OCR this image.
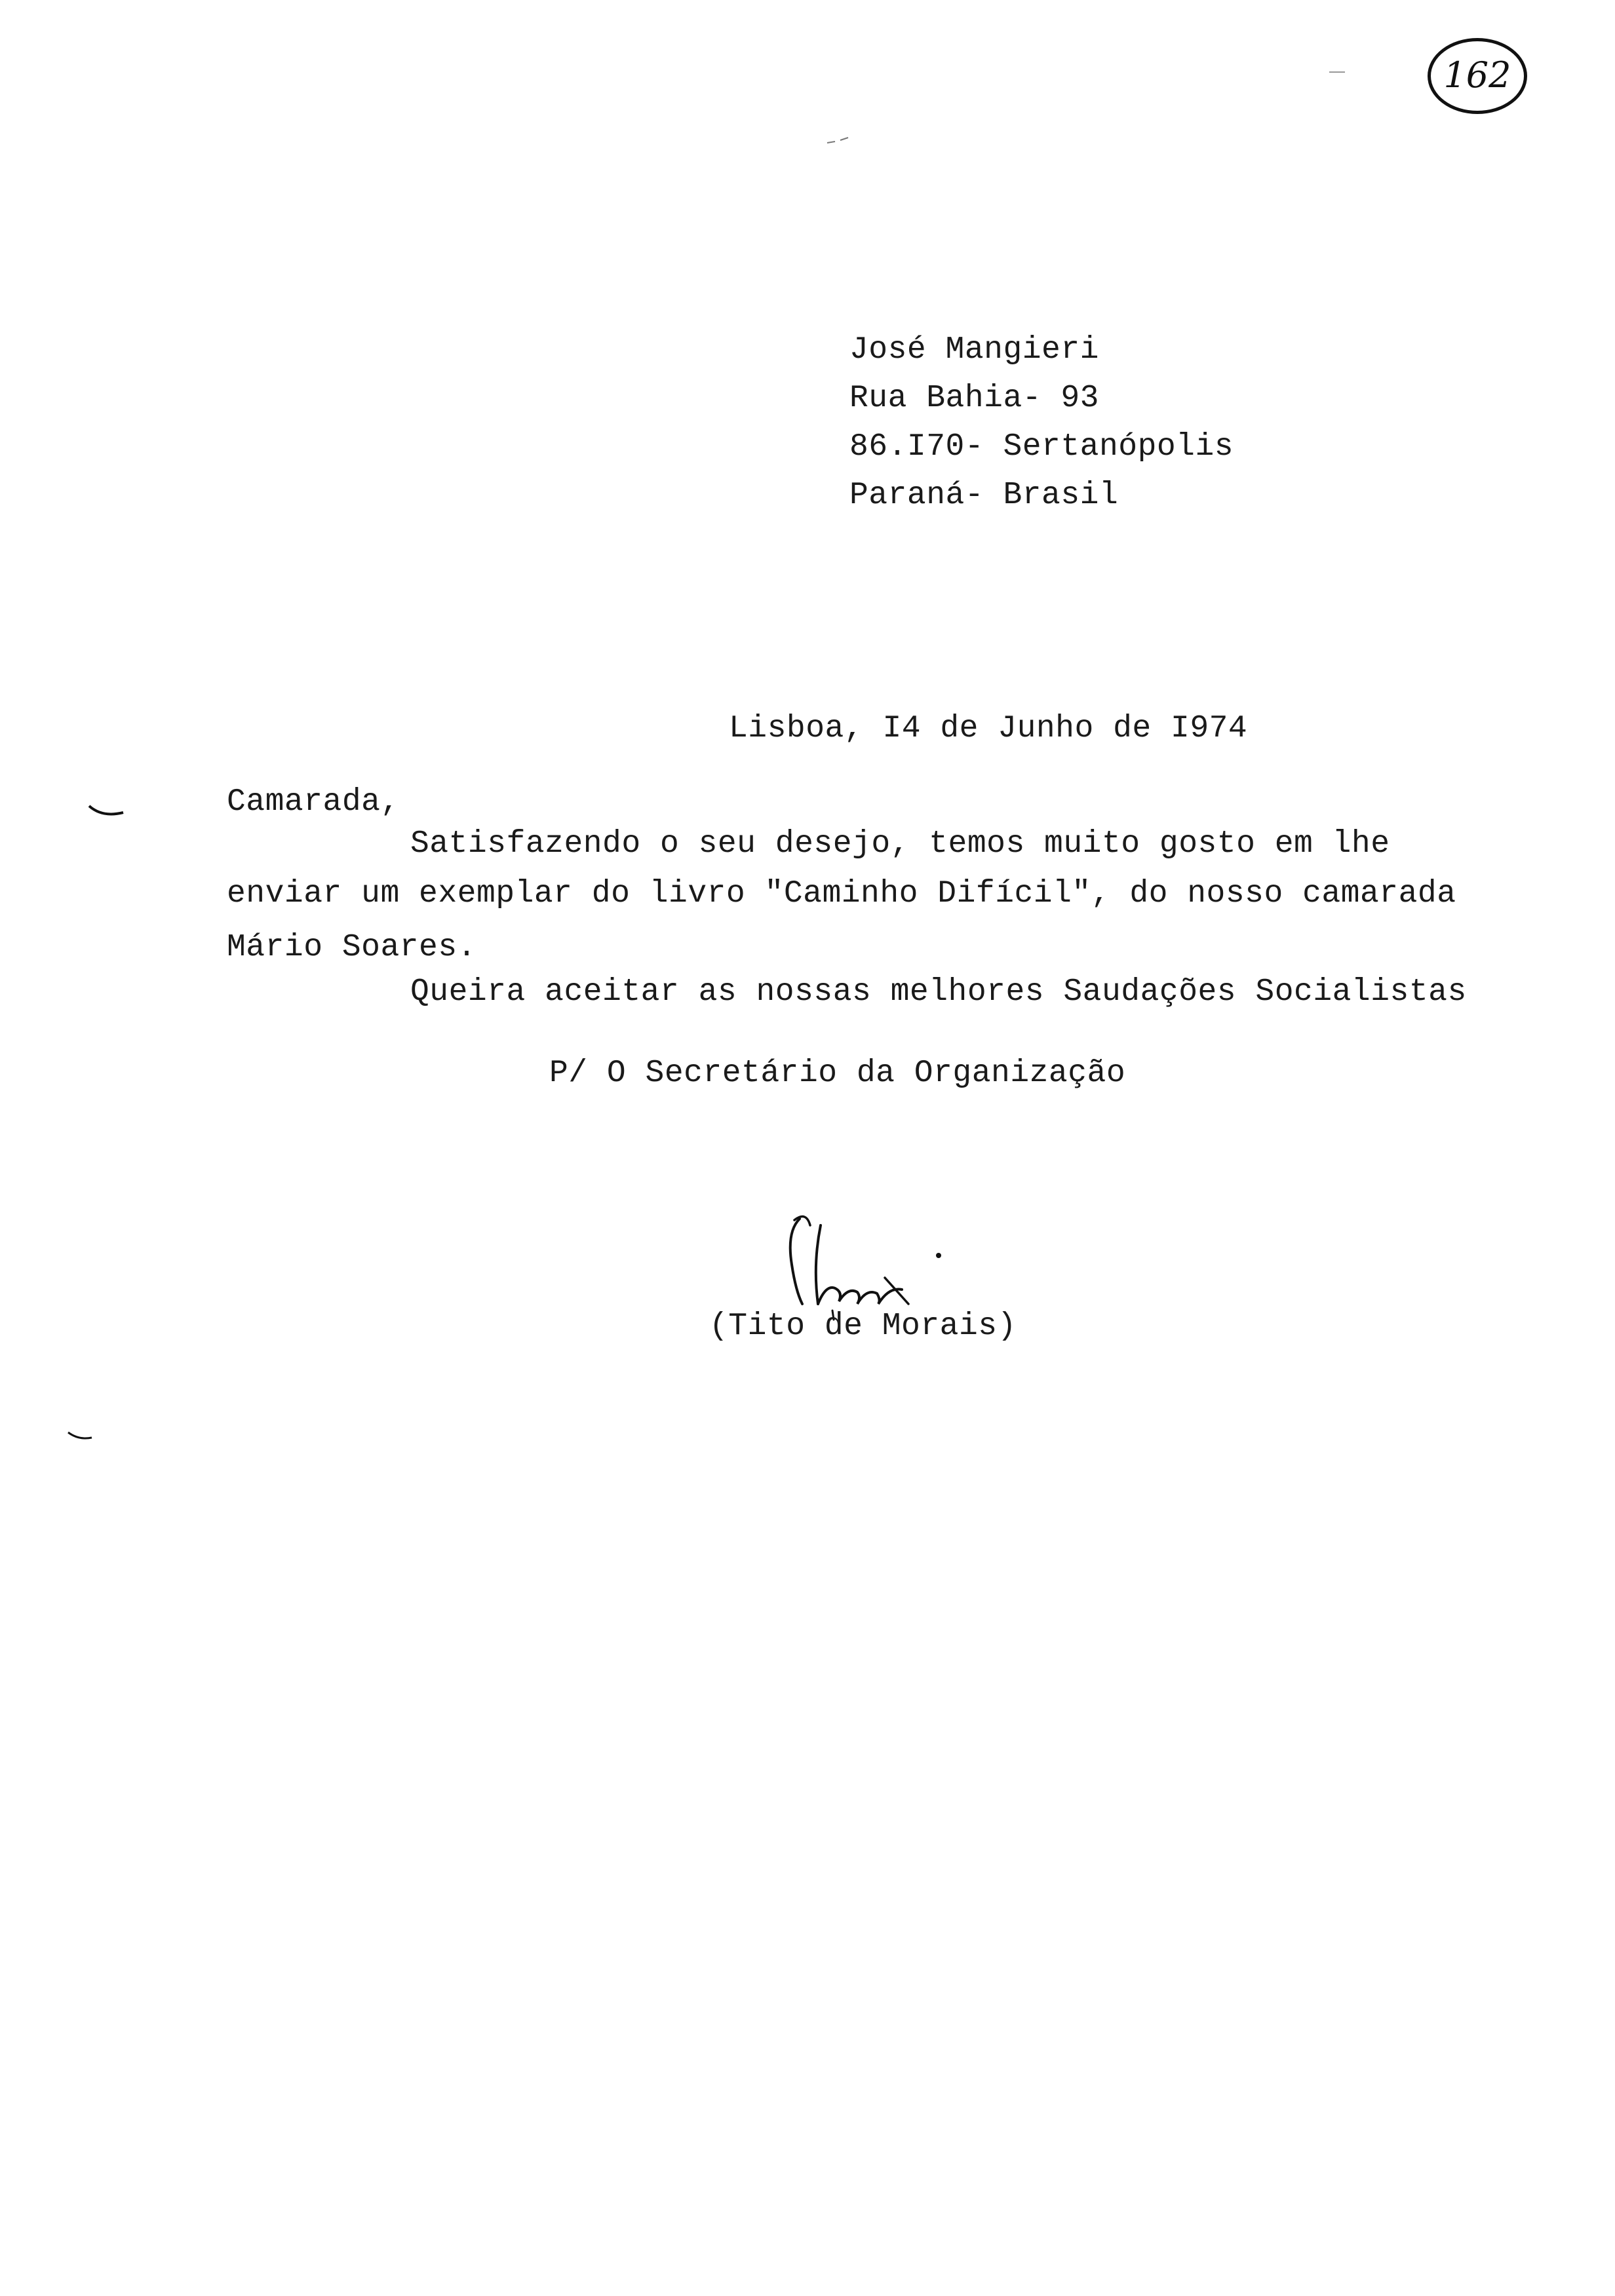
162
José Mangieri
Rua Bahia- 93
86.I70- Sertanópolis
Paraná- Brasil
Lisboa, I4 de Junho de I974
Camarada,
Satisfazendo o seu desejo, temos muito gosto em lhe
enviar um exemplar do livro "Caminho Difícil", do nosso camarada
Mário Soares.
Queira aceitar as nossas melhores Saudações Socialistas
P/ O Secretário da Organização
(Tito de Morais)
